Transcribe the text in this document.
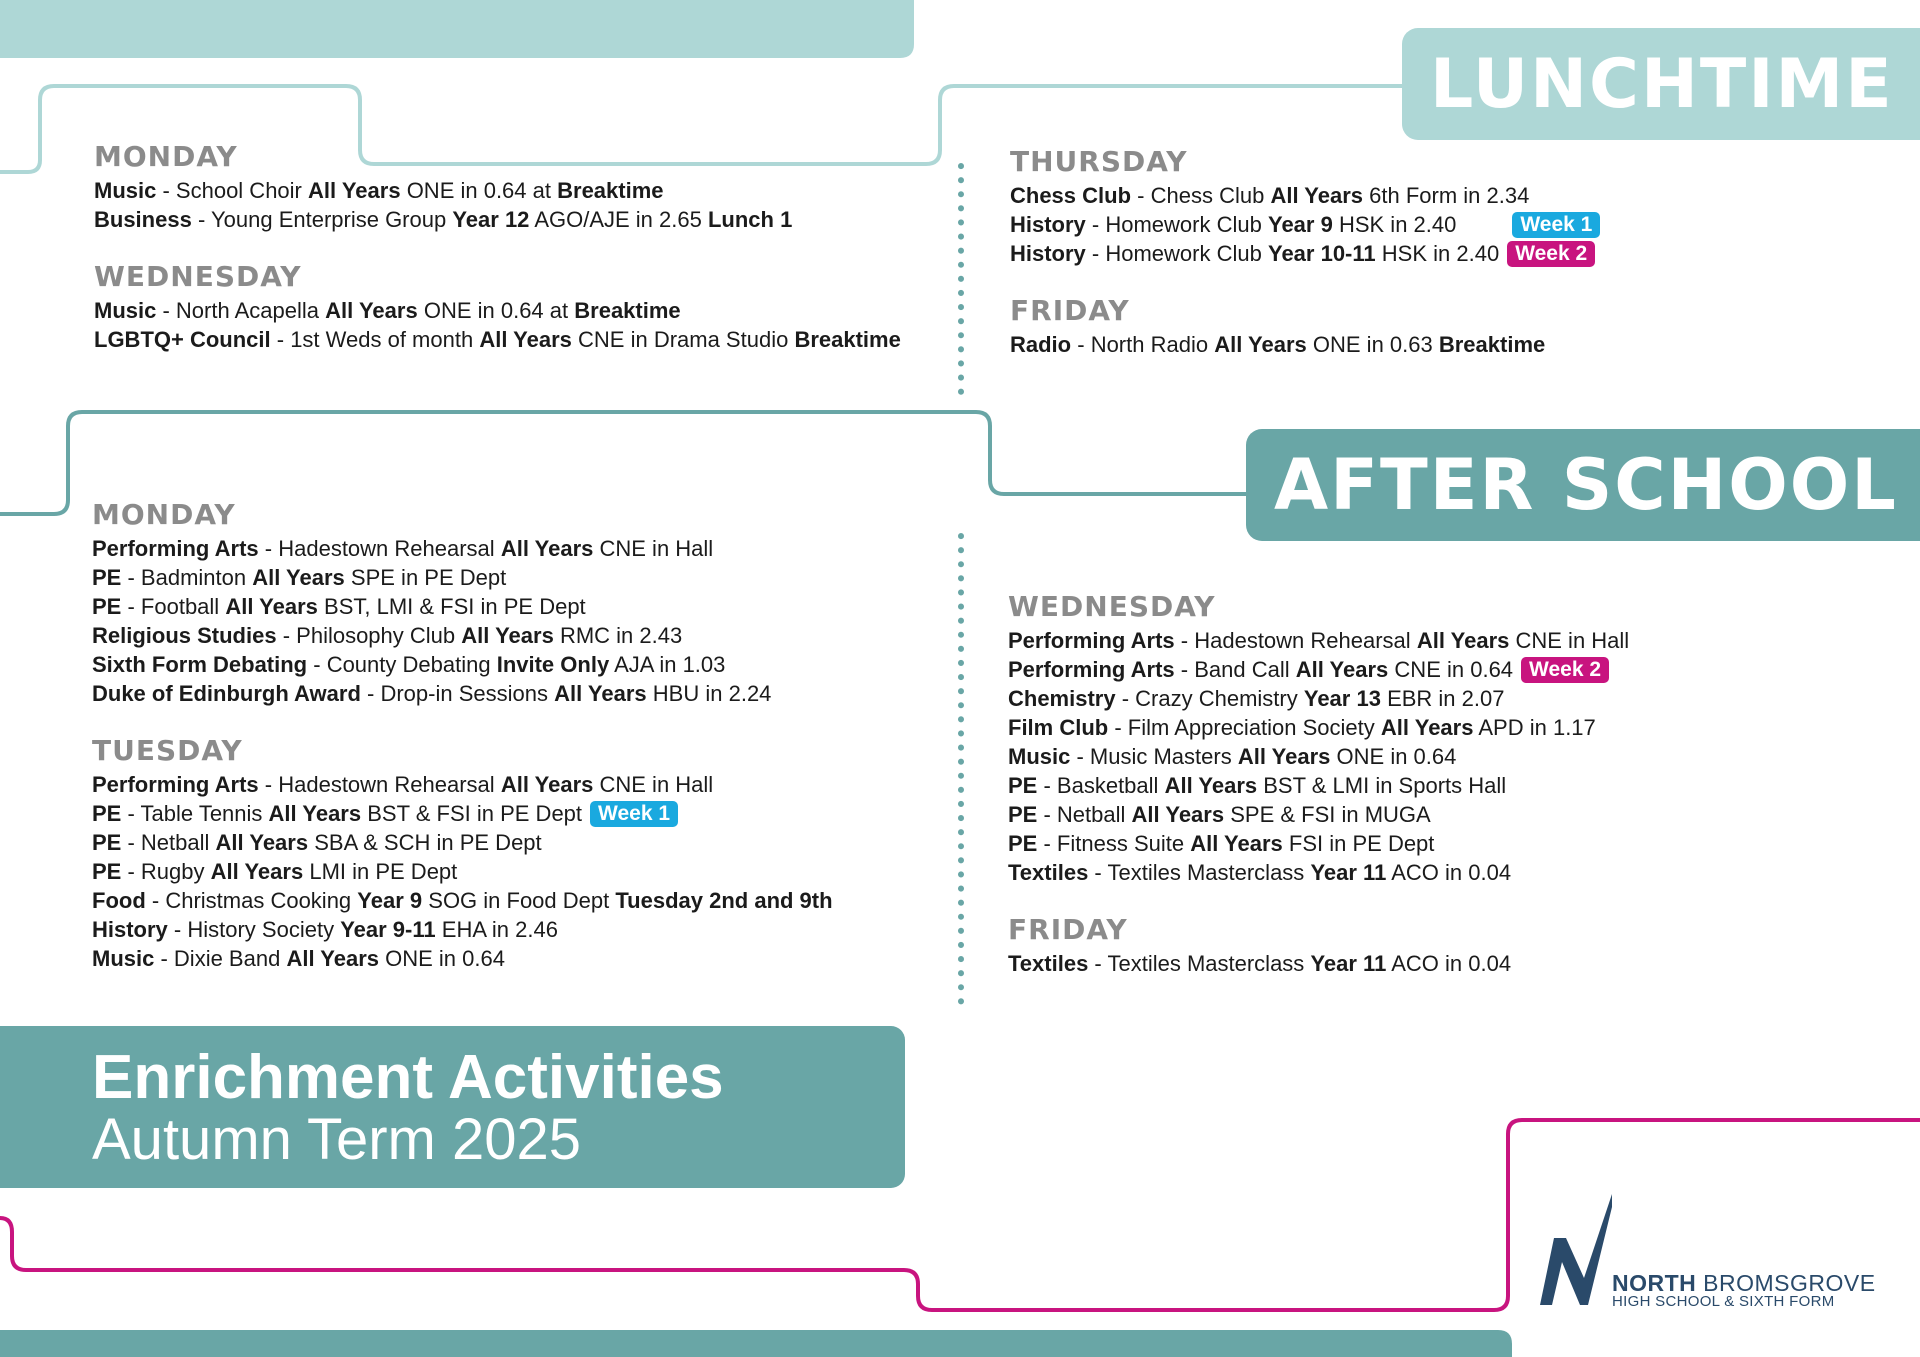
LUNCHTIME
AFTER SCHOOL
MONDAY
Music - School Choir All Years ONE in 0.64 at Breaktime
Business - Young Enterprise Group Year 12 AGO/AJE in 2.65 Lunch 1
WEDNESDAY
Music - North Acapella All Years ONE in 0.64 at Breaktime
LGBTQ+ Council - 1st Weds of month All Years CNE in Drama Studio Breaktime
THURSDAY
Chess Club - Chess Club All Years 6th Form in 2.34
History - Homework Club Year 9 HSK in 2.40	Week 1
History - Homework Club Year 10-11 HSK in 2.40 Week 2
FRIDAY
Radio - North Radio All Years ONE in 0.63 Breaktime
MONDAY
Performing Arts - Hadestown Rehearsal All Years CNE in Hall
PE - Badminton All Years SPE in PE Dept
PE - Football All Years BST, LMI & FSI in PE Dept
Religious Studies - Philosophy Club All Years RMC in 2.43
Sixth Form Debating - County Debating Invite Only AJA in 1.03
Duke of Edinburgh Award - Drop-in Sessions All Years HBU in 2.24
TUESDAY
Performing Arts - Hadestown Rehearsal All Years CNE in Hall
PE - Table Tennis All Years BST & FSI in PE Dept Week 1
PE - Netball All Years SBA & SCH in PE Dept
PE - Rugby All Years LMI in PE Dept
Food - Christmas Cooking Year 9 SOG in Food Dept Tuesday 2nd and 9th
History - History Society Year 9-11 EHA in 2.46
Music - Dixie Band All Years ONE in 0.64
WEDNESDAY
Performing Arts - Hadestown Rehearsal All Years CNE in Hall
Performing Arts - Band Call All Years CNE in 0.64 Week 2
Chemistry - Crazy Chemistry Year 13 EBR in 2.07
Film Club - Film Appreciation Society All Years APD in 1.17
Music - Music Masters All Years ONE in 0.64
PE - Basketball All Years BST & LMI in Sports Hall
PE - Netball All Years SPE & FSI in MUGA
PE - Fitness Suite All Years FSI in PE Dept
Textiles - Textiles Masterclass Year 11 ACO in 0.04
FRIDAY
Textiles - Textiles Masterclass Year 11 ACO in 0.04
Enrichment Activities
Autumn Term 2025
NORTH BROMSGROVE
HIGH SCHOOL & SIXTH FORM
